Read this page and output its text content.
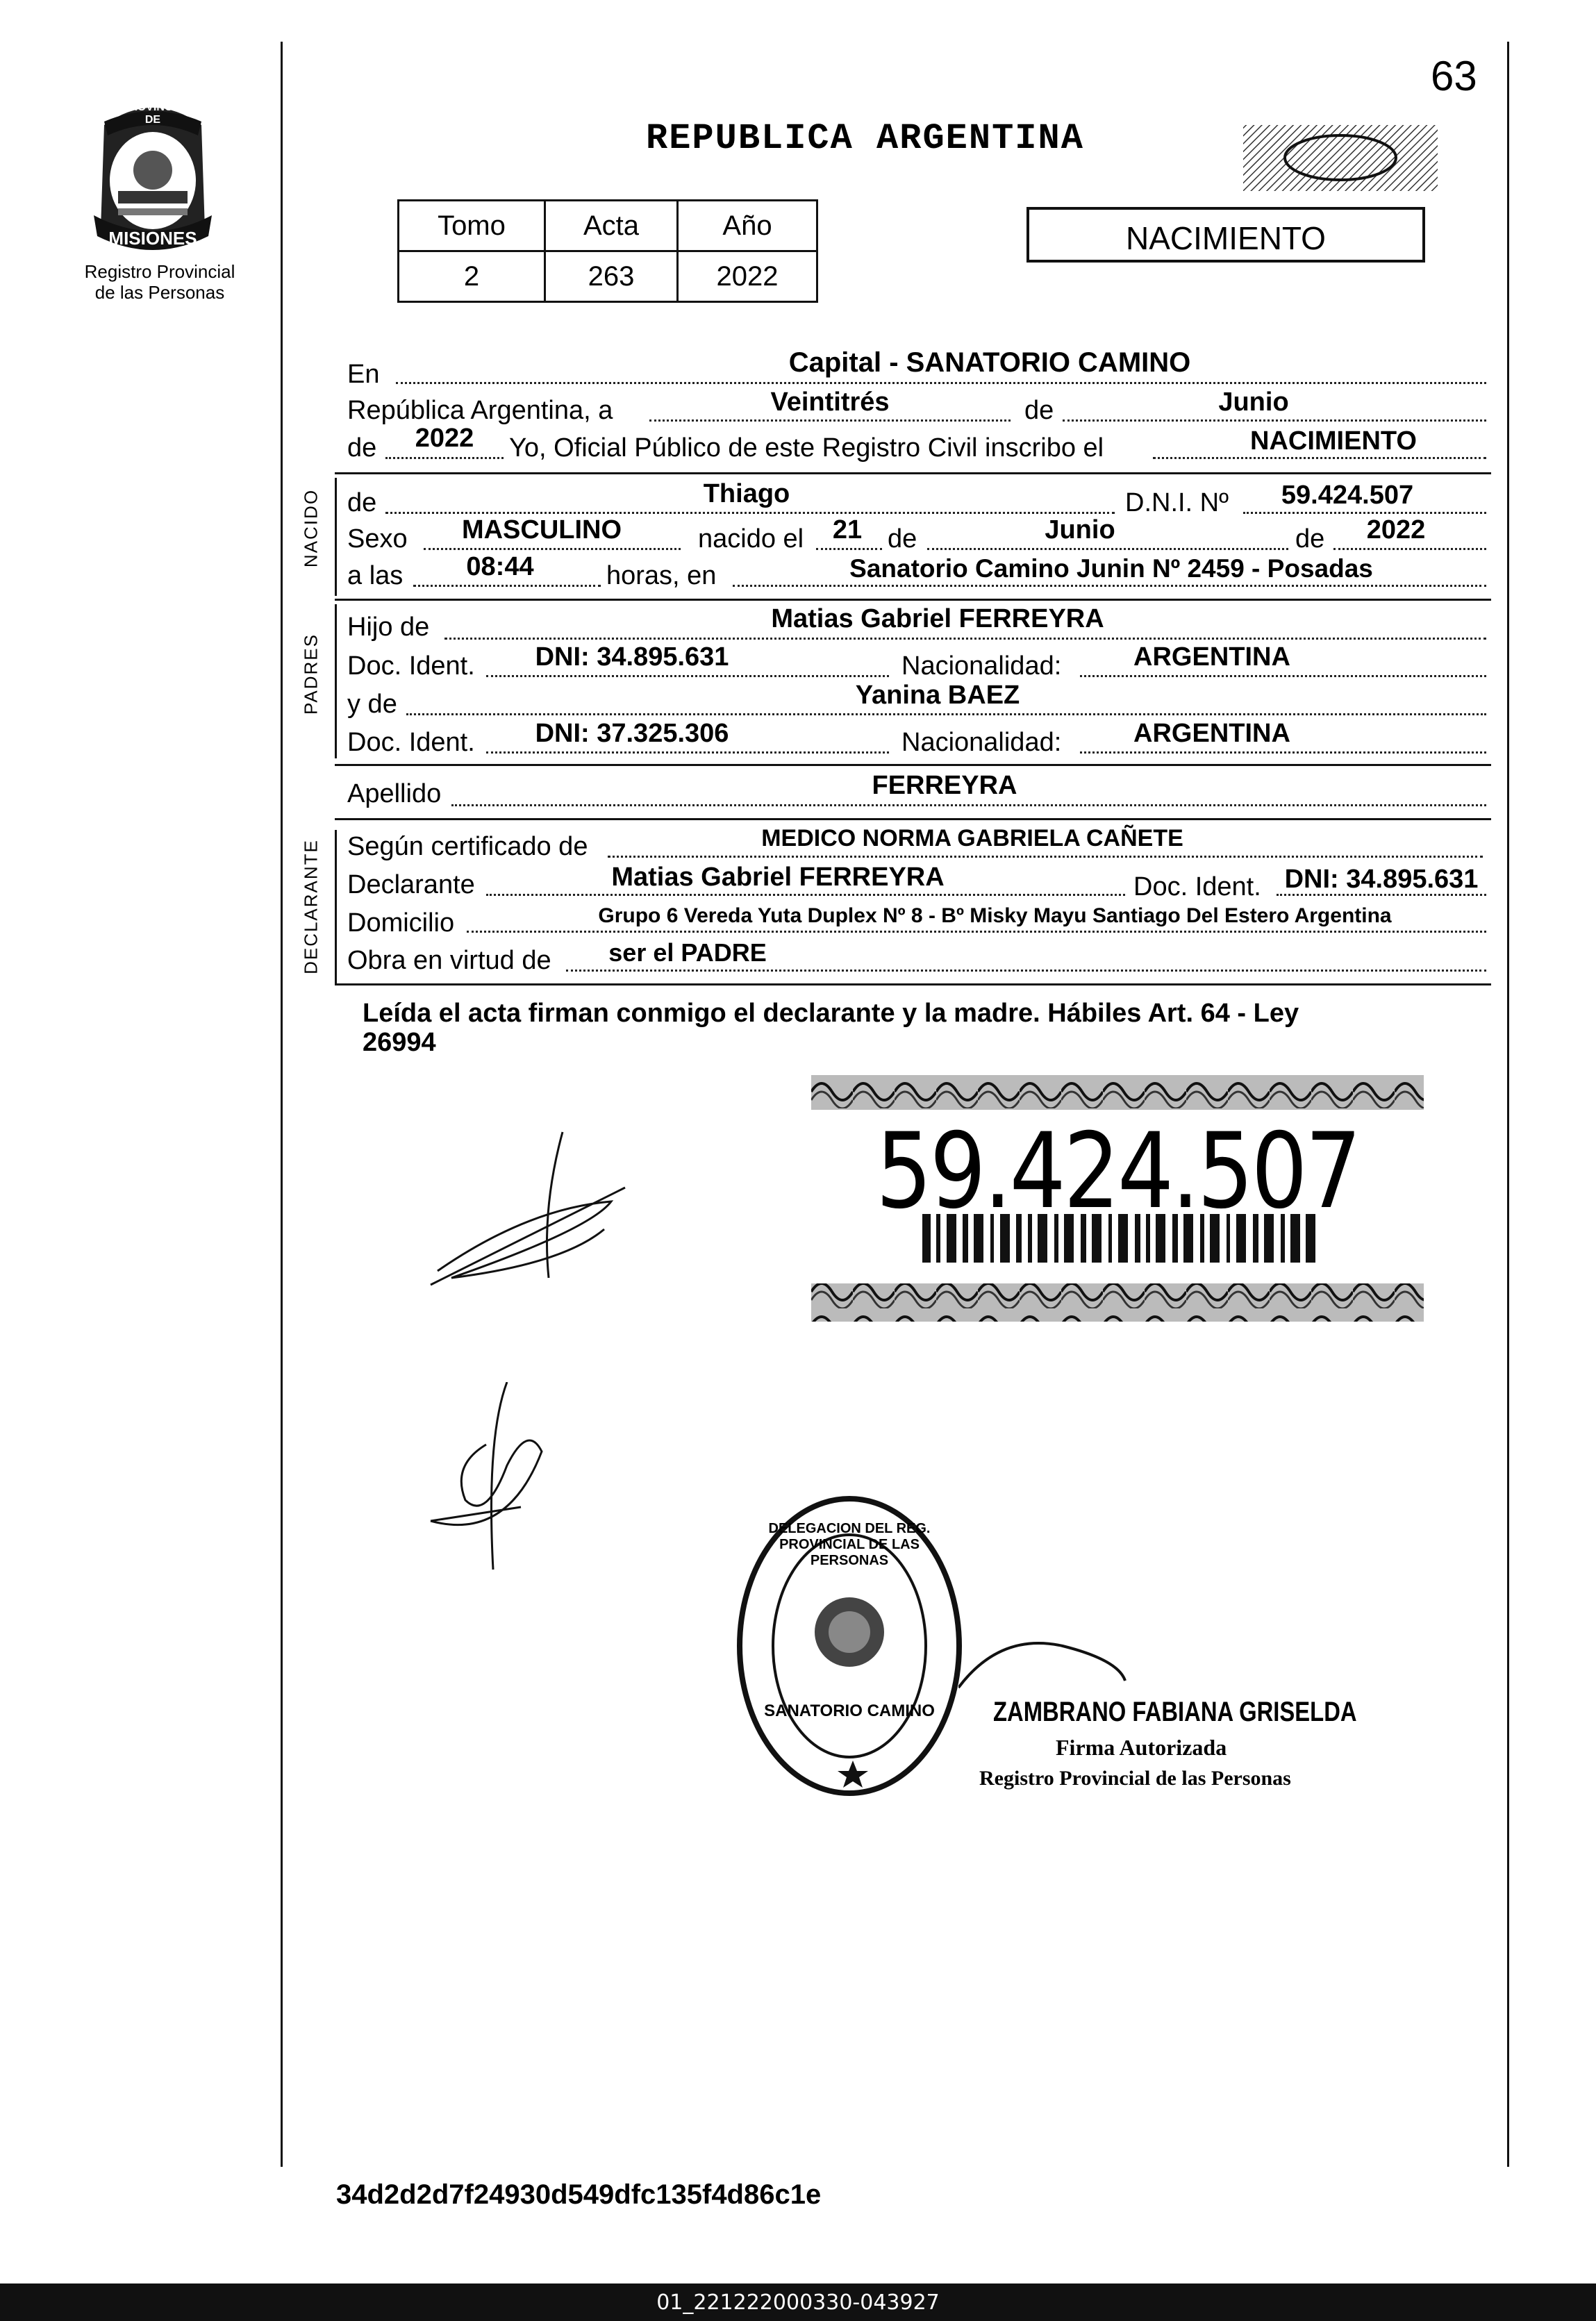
63
PROVINCIA DE
MISIONES
Registro Provincial
de las Personas
REPUBLICA ARGENTINA
Tomo	Acta	Año
2	263	2022
NACIMIENTO
En	Capital - SANATORIO CAMINO
República Argentina, a	Veintitrés	de	Junio
de	2022	Yo, Oficial Público de este Registro Civil inscribo el	NACIMIENTO
NACIDO de	Thiago	D.N.I. Nº	59.424.507
Sexo	MASCULINO	nacido el	21 de	Junio	de	2022
a las	08:44	horas, en	Sanatorio Camino Junin Nº 2459 - Posadas
PADRES
Hijo de	Matias Gabriel FERREYRA
Doc. Ident.	DNI: 34.895.631	Nacionalidad:	ARGENTINA
y de	Yanina BAEZ
Doc. Ident.	DNI: 37.325.306	Nacionalidad:	ARGENTINA
Apellido	FERREYRA
DECLARANTE Según certificado de	MEDICO NORMA GABRIELA CAÑETE
Declarante	Matias Gabriel FERREYRA	Doc. Ident. DNI: 34.895.631
Domicilio	Grupo 6 Vereda Yuta Duplex Nº 8 - Bº Misky Mayu Santiago Del Estero Argentina
Obra en virtud de	ser el PADRE
Leída el acta firman conmigo el declarante y la madre. Hábiles Art. 64 - Ley
26994
59.424.507
DELEGACION DEL REG. PROVINCIAL DE LAS PERSONAS
SANATORIO CAMINO ZAMBRANO FABIANA GRISELDA
Firma Autorizada
Registro Provincial de las Personas
34d2d2d7f24930d549dfc135f4d86c1e
01_221222000330-043927
